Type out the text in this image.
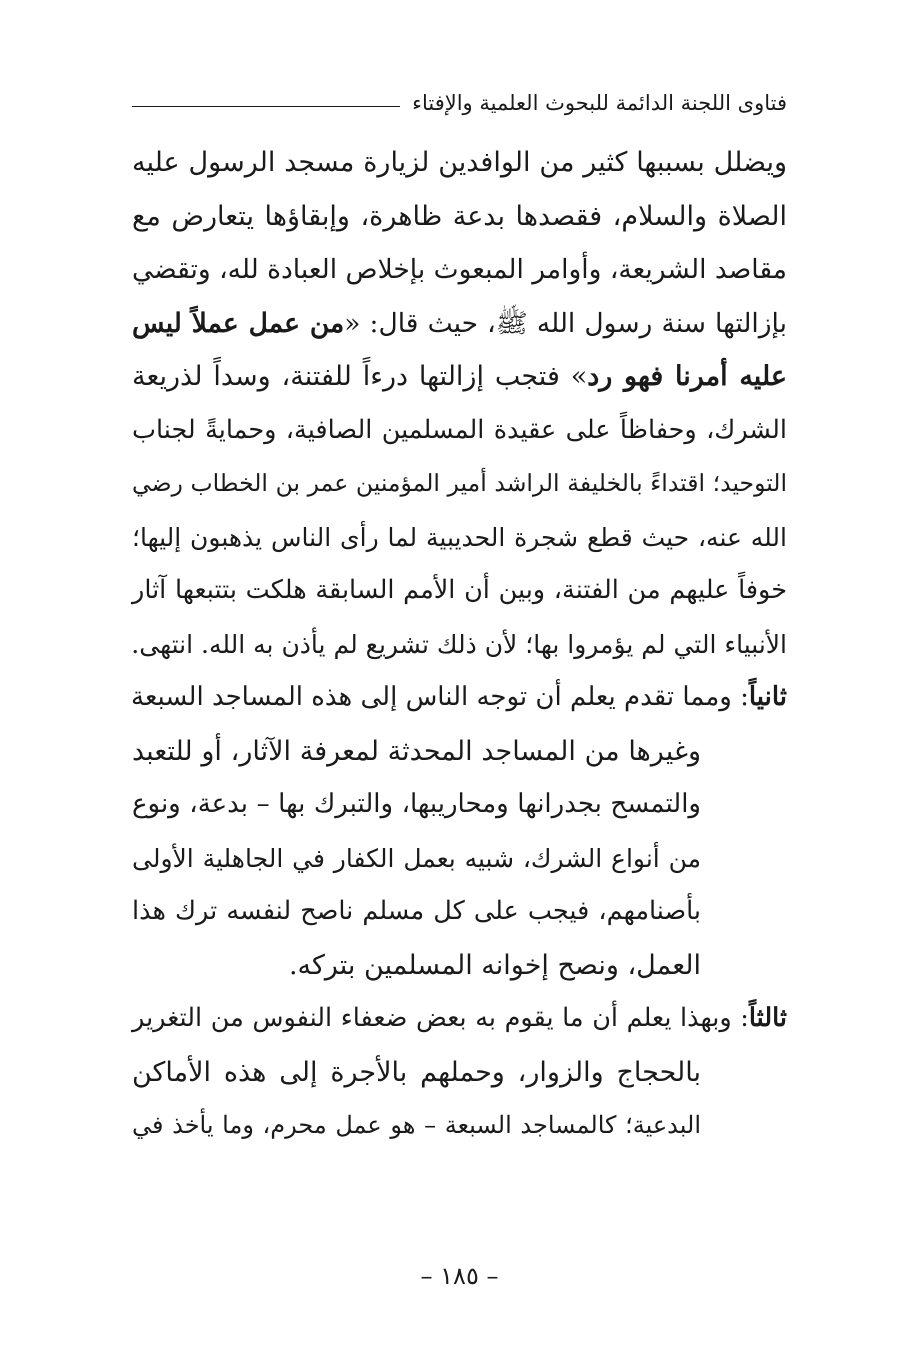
فتاوى اللجنة الدائمة للبحوث العلمية والإفتاء
ويضلل بسببها كثير من الوافدين لزيارة مسجد الرسول عليه
الصلاة والسلام، فقصدها بدعة ظاهرة، وإبقاؤها يتعارض مع
مقاصد الشريعة، وأوامر المبعوث بإخلاص العبادة لله، وتقضي
بإزالتها سنة رسول الله ﷺ، حيث قال: «من عمل عملاً ليس
عليه أمرنا فهو رد» فتجب إزالتها درءاً للفتنة، وسداً لذريعة
الشرك، وحفاظاً على عقيدة المسلمين الصافية، وحمايةً لجناب
التوحيد؛ اقتداءً بالخليفة الراشد أمير المؤمنين عمر بن الخطاب رضي
الله عنه، حيث قطع شجرة الحديبية لما رأى الناس يذهبون إليها؛
خوفاً عليهم من الفتنة، وبين أن الأمم السابقة هلكت بتتبعها آثار
الأنبياء التي لم يؤمروا بها؛ لأن ذلك تشريع لم يأذن به الله. انتهى.
ثانياً: ومما تقدم يعلم أن توجه الناس إلى هذه المساجد السبعة
وغيرها من المساجد المحدثة لمعرفة الآثار، أو للتعبد
والتمسح بجدرانها ومحاريبها، والتبرك بها – بدعة، ونوع
من أنواع الشرك، شبيه بعمل الكفار في الجاهلية الأولى
بأصنامهم، فيجب على كل مسلم ناصح لنفسه ترك هذا
العمل، ونصح إخوانه المسلمين بتركه.
ثالثاً: وبهذا يعلم أن ما يقوم به بعض ضعفاء النفوس من التغرير
بالحجاج والزوار، وحملهم بالأجرة إلى هذه الأماكن
البدعية؛ كالمساجد السبعة – هو عمل محرم، وما يأخذ في
– ١٨٥ –
